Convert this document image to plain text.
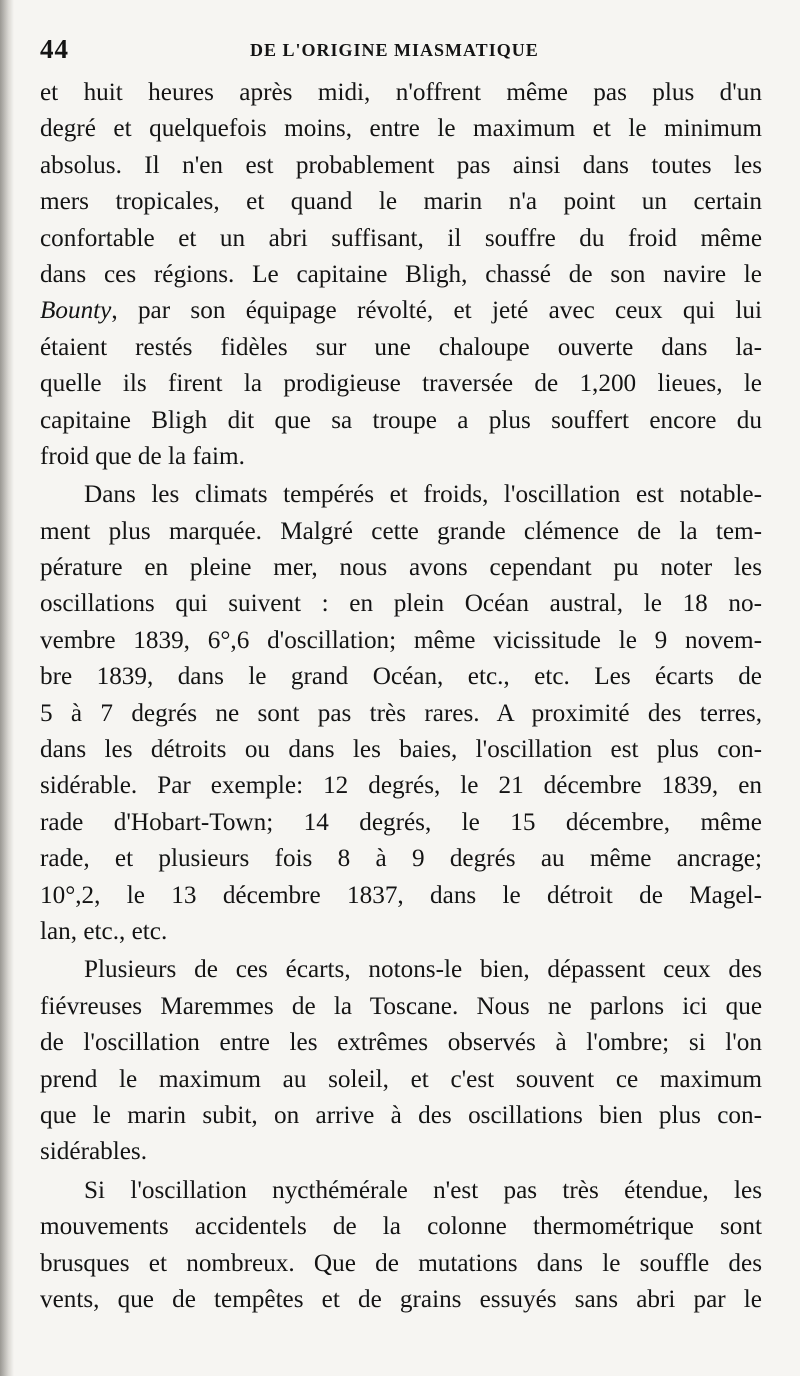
44	DE L'ORIGINE MIASMATIQUE
et huit heures après midi, n'offrent même pas plus d'un
degré et quelquefois moins, entre le maximum et le minimum
absolus. Il n'en est probablement pas ainsi dans toutes les
mers tropicales, et quand le marin n'a point un certain
confortable et un abri suffisant, il souffre du froid même
dans ces régions. Le capitaine Bligh, chassé de son navire le
Bounty, par son équipage révolté, et jeté avec ceux qui lui
étaient restés fidèles sur une chaloupe ouverte dans la-
quelle ils firent la prodigieuse traversée de 1,200 lieues, le
capitaine Bligh dit que sa troupe a plus souffert encore du
froid que de la faim.
Dans les climats tempérés et froids, l'oscillation est notable-
ment plus marquée. Malgré cette grande clémence de la tem-
pérature en pleine mer, nous avons cependant pu noter les
oscillations qui suivent : en plein Océan austral, le 18 no-
vembre 1839, 6°,6 d'oscillation; même vicissitude le 9 novem-
bre 1839, dans le grand Océan, etc., etc. Les écarts de
5 à 7 degrés ne sont pas très rares. A proximité des terres,
dans les détroits ou dans les baies, l'oscillation est plus con-
sidérable. Par exemple: 12 degrés, le 21 décembre 1839, en
rade d'Hobart-Town; 14 degrés, le 15 décembre, même
rade, et plusieurs fois 8 à 9 degrés au même ancrage;
10°,2, le 13 décembre 1837, dans le détroit de Magel-
lan, etc., etc.
Plusieurs de ces écarts, notons-le bien, dépassent ceux des
fiévreuses Maremmes de la Toscane. Nous ne parlons ici que
de l'oscillation entre les extrêmes observés à l'ombre; si l'on
prend le maximum au soleil, et c'est souvent ce maximum
que le marin subit, on arrive à des oscillations bien plus con-
sidérables.
Si l'oscillation nycthémérale n'est pas très étendue, les
mouvements accidentels de la colonne thermométrique sont
brusques et nombreux. Que de mutations dans le souffle des
vents, que de tempêtes et de grains essuyés sans abri par le
